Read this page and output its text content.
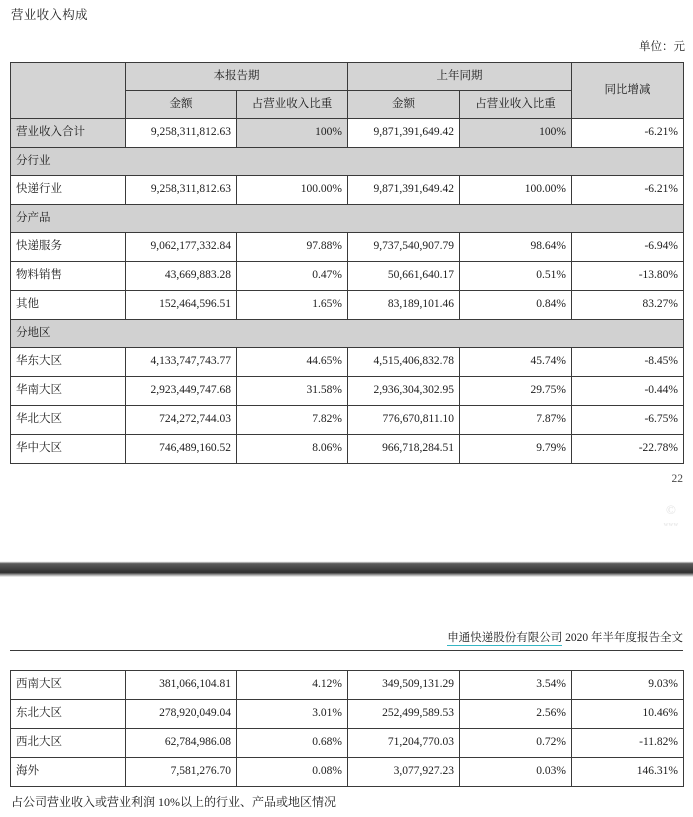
营业收入构成
单位：元
	本报告期		上年同期		同比增减
	金额	占营业收入比重	金额	占营业收入比重	
营业收入合计	9,258,311,812.63	100%	9,871,391,649.42	100%	-6.21%
分行业					
快递行业	9,258,311,812.63	100.00%	9,871,391,649.42	100.00%	-6.21%
分产品					
快递服务	9,062,177,332.84	97.88%	9,737,540,907.79	98.64%	-6.94%
物料销售	43,669,883.28	0.47%	50,661,640.17	0.51%	-13.80%
其他	152,464,596.51	1.65%	83,189,101.46	0.84%	83.27%
分地区					
华东大区	4,133,747,743.77	44.65%	4,515,406,832.78	45.74%	-8.45%
华南大区	2,923,449,747.68	31.58%	2,936,304,302.95	29.75%	-0.44%
华北大区	724,272,744.03	7.82%	776,670,811.10	7.87%	-6.75%
华中大区	746,489,160.52	8.06%	966,718,284.51	9.79%	-22.78%
22
©
www
申通快递股份有限公司 2020 年半年度报告全文
西南大区	381,066,104.81	4.12%	349,509,131.29	3.54%	9.03%
东北大区	278,920,049.04	3.01%	252,499,589.53	2.56%	10.46%
西北大区	62,784,986.08	0.68%	71,204,770.03	0.72%	-11.82%
海外	7,581,276.70	0.08%	3,077,927.23	0.03%	146.31%
占公司营业收入或营业利润 10%以上的行业、产品或地区情况
